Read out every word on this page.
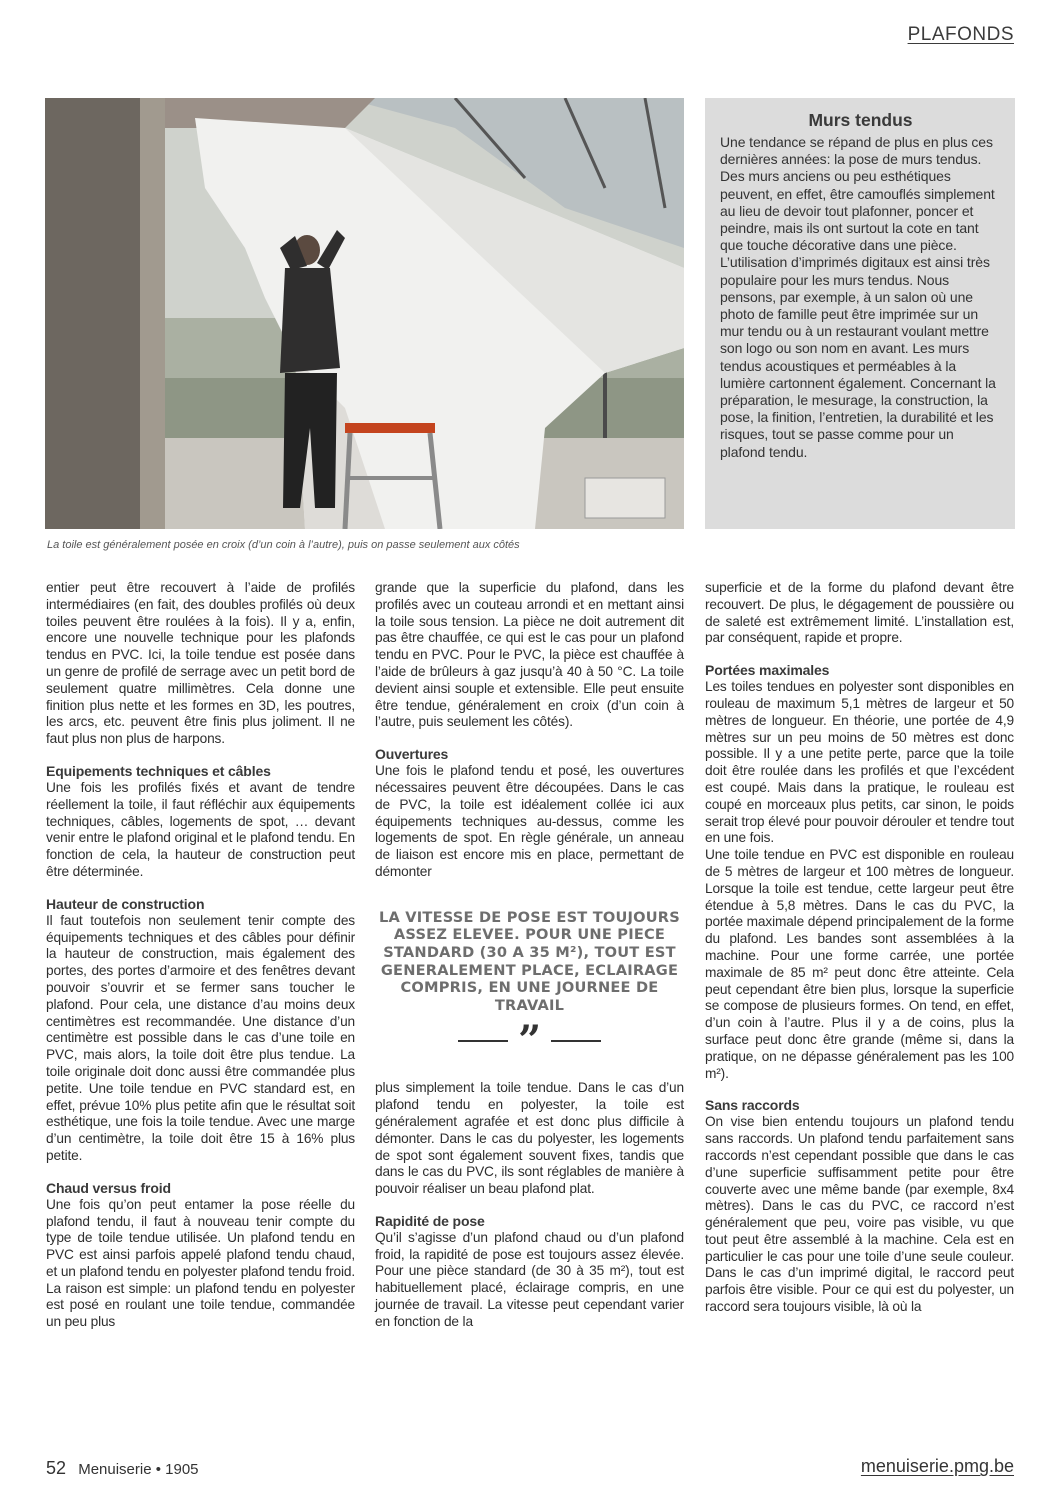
PLAFONDS
Murs tendus

Une tendance se répand de plus en plus ces dernières années: la pose de murs tendus. Des murs anciens ou peu esthétiques peuvent, en effet, être camouflés simplement au lieu de devoir tout plafonner, poncer et peindre, mais ils ont surtout la cote en tant que touche décorative dans une pièce. L’utilisation d’imprimés digitaux est ainsi très populaire pour les murs tendus. Nous pensons, par exemple, à un salon où une photo de famille peut être imprimée sur un mur tendu ou à un restaurant voulant mettre son logo ou son nom en avant. Les murs tendus acoustiques et perméables à la lumière cartonnent également. Concernant la préparation, le mesurage, la construction, la pose, la finition, l’entretien, la durabilité et les risques, tout se passe comme pour un plafond tendu.

La toile est généralement posée en croix (d’un coin à l’autre), puis on passe seulement aux côtés

entier peut être recouvert à l’aide de profilés intermédiaires (en fait, des doubles profilés où deux toiles peuvent être roulées à la fois). Il y a, enfin, encore une nouvelle technique pour les plafonds tendus en PVC. Ici, la toile tendue est posée dans un genre de profilé de serrage avec un petit bord de seulement quatre millimètres. Cela donne une finition plus nette et les formes en 3D, les poutres, les arcs, etc. peuvent être finis plus joliment. Il ne faut plus non plus de harpons.

Equipements techniques et câbles

Une fois les profilés fixés et avant de tendre réellement la toile, il faut réfléchir aux équipements techniques, câbles, logements de spot, … devant venir entre le plafond original et le plafond tendu. En fonction de cela, la hauteur de construction peut être déterminée.

Hauteur de construction

Il faut toutefois non seulement tenir compte des équipements techniques et des câbles pour définir la hauteur de construction, mais également des portes, des portes d’armoire et des fenêtres devant pouvoir s’ouvrir et se fermer sans toucher le plafond. Pour cela, une distance d’au moins deux centimètres est recommandée. Une distance d’un centimètre est possible dans le cas d’une toile en PVC, mais alors, la toile doit être plus tendue. La toile originale doit donc aussi être commandée plus petite. Une toile tendue en PVC standard est, en effet, prévue 10% plus petite afin que le résultat soit esthétique, une fois la toile tendue. Avec une marge d’un centimètre, la toile doit être 15 à 16% plus petite.

Chaud versus froid

Une fois qu’on peut entamer la pose réelle du plafond tendu, il faut à nouveau tenir compte du type de toile tendue utilisée. Un plafond tendu en PVC est ainsi parfois appelé plafond tendu chaud, et un plafond tendu en polyester plafond tendu froid. La raison est simple: un plafond tendu en polyester est posé en roulant une toile tendue, commandée un peu plus

grande que la superficie du plafond, dans les profilés avec un couteau arrondi et en mettant ainsi la toile sous tension. La pièce ne doit autrement dit pas être chauffée, ce qui est le cas pour un plafond tendu en PVC. Pour le PVC, la pièce est chauffée à l’aide de brûleurs à gaz jusqu’à 40 à 50 °C. La toile devient ainsi souple et extensible. Elle peut ensuite être tendue, généralement en croix (d’un coin à l’autre, puis seulement les côtés).

Ouvertures

Une fois le plafond tendu et posé, les ouvertures nécessaires peuvent être découpées. Dans le cas de PVC, la toile est idéalement collée ici aux équipements techniques au-dessus, comme les logements de spot. En règle générale, un anneau de liaison est encore mis en place, permettant de démonter

LA VITESSE DE POSE EST TOUJOURS ASSEZ ELEVEE. POUR UNE PIECE STANDARD (30 A 35 M²), TOUT EST GENERALEMENT PLACE, ECLAIRAGE COMPRIS, EN UNE JOURNEE DE TRAVAIL
”

plus simplement la toile tendue. Dans le cas d’un plafond tendu en polyester, la toile est généralement agrafée et est donc plus difficile à démonter. Dans le cas du polyester, les logements de spot sont également souvent fixes, tandis que dans le cas du PVC, ils sont réglables de manière à pouvoir réaliser un beau plafond plat.

Rapidité de pose

Qu’il s’agisse d’un plafond chaud ou d’un plafond froid, la rapidité de pose est toujours assez élevée. Pour une pièce standard (de 30 à 35 m²), tout est habituellement placé, éclairage compris, en une journée de travail. La vitesse peut cependant varier en fonction de la

superficie et de la forme du plafond devant être recouvert. De plus, le dégagement de poussière ou de saleté est extrêmement limité. L’installation est, par conséquent, rapide et propre.

Portées maximales

Les toiles tendues en polyester sont disponibles en rouleau de maximum 5,1 mètres de largeur et 50 mètres de longueur. En théorie, une portée de 4,9 mètres sur un peu moins de 50 mètres est donc possible. Il y a une petite perte, parce que la toile doit être roulée dans les profilés et que l’excédent est coupé. Mais dans la pratique, le rouleau est coupé en morceaux plus petits, car sinon, le poids serait trop élevé pour pouvoir dérouler et tendre tout en une fois.

Une toile tendue en PVC est disponible en rouleau de 5 mètres de largeur et 100 mètres de longueur. Lorsque la toile est tendue, cette largeur peut être étendue à 5,8 mètres. Dans le cas du PVC, la portée maximale dépend principalement de la forme du plafond. Les bandes sont assemblées à la machine. Pour une forme carrée, une portée maximale de 85 m² peut donc être atteinte. Cela peut cependant être bien plus, lorsque la superficie se compose de plusieurs formes. On tend, en effet, d’un coin à l’autre. Plus il y a de coins, plus la surface peut donc être grande (même si, dans la pratique, on ne dépasse généralement pas les 100 m²).

Sans raccords

On vise bien entendu toujours un plafond tendu sans raccords. Un plafond tendu parfaitement sans raccords n’est cependant possible que dans le cas d’une superficie suffisamment petite pour être couverte avec une même bande (par exemple, 8x4 mètres). Dans le cas du PVC, ce raccord n’est généralement que peu, voire pas visible, vu que tout peut être assemblé à la machine. Cela est en particulier le cas pour une toile d’une seule couleur. Dans le cas d’un imprimé digital, le raccord peut parfois être visible. Pour ce qui est du polyester, un raccord sera toujours visible, là où la

52 Menuiserie • 1905	menuiserie.pmg.be
